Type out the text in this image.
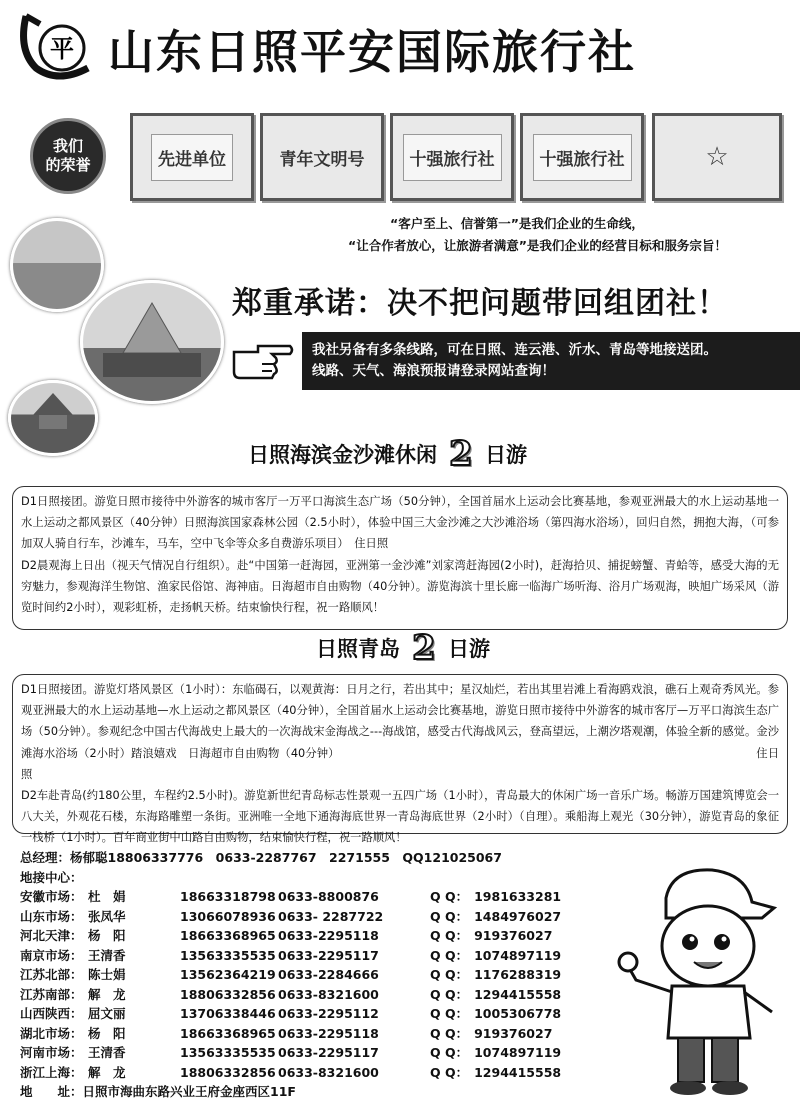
平 山东日照平安国际旅行社
我们
的荣誉	先进单位	青年文明号	十强旅行社	十强旅行社	☆
“客户至上、信誉第一”是我们企业的生命线，
“让合作者放心，让旅游者满意”是我们企业的经营目标和服务宗旨！
郑重承诺：决不把问题带回组团社！
我社另备有多条线路，可在日照、连云港、沂水、青岛等地接送团。
线路、天气、海浪预报请登录网站查询！
日照海滨金沙滩休闲 2 日游

D1日照接团。游览日照市接待中外游客的城市客厅一万平口海滨生态广场（50分钟），全国首届水上运动会比赛基地，参观亚洲最大的水上运动基地一水上运动之都风景区（40分钟）日照海滨国家森林公园（2.5小时），体验中国三大金沙滩之大沙滩浴场（第四海水浴场），回归自然，拥抱大海，（可参加双人骑自行车，沙滩车，马车，空中飞伞等众多自费游乐项目）　住日照

D2晨观海上日出（视天气情况自行组织）。赴“中国第一赶海园，亚洲第一金沙滩”刘家湾赶海园(2小时)，赶海拾贝、捕捉螃蟹、青蛤等，感受大海的无穷魅力，参观海洋生物馆、渔家民俗馆、海神庙。日海超市自由购物（40分钟）。游览海滨十里长廊一临海广场听海、浴月广场观海，映旭广场采风（游览时间约2小时），观彩虹桥，走扬帆天桥。结束愉快行程，祝一路顺风！

日照青岛 2 日游

D1日照接团。游览灯塔风景区（1小时）：东临碣石，以观黄海：日月之行，若出其中；星汉灿烂，若出其里岩滩上看海鸥戏浪，礁石上观奇秀风光。参观亚洲最大的水上运动基地—水上运动之都风景区（40分钟），全国首届水上运动会比赛基地，游览日照市接待中外游客的城市客厅—万平口海滨生态广场（50分钟）。参观纪念中国古代海战史上最大的一次海战宋金海战之---海战馆，感受古代海战风云，登高望远，上潮汐塔观潮，体验全新的感觉。金沙滩海水浴场（2小时）踏浪嬉戏　日海超市自由购物（40分钟）　　　　　　　　　　　　　　　　　　　　　　　　　　　　　　　　　　　　　住日照

D2车赴青岛(约180公里，车程约2.5小时)。游览新世纪青岛标志性景观一五四广场（1小时），青岛最大的休闲广场一音乐广场。畅游万国建筑博览会一八大关，外观花石楼，东海路雕塑一条街。亚洲唯一全地下通海海底世界一青岛海底世界（2小时）（自理）。乘船海上观光（30分钟），游览青岛的象征一栈桥（1小时）。百年商业街中山路自由购物，结束愉快行程，祝一路顺风！

总经理：杨郁聪18806337776　0633-2287767　2271555　QQ121025067
地接中心：
安徽市场： 杜　娟	18663318798 0633-8800876	Q Q： 1981633281
山东市场： 张凤华	13066078936 0633- 2287722	Q Q： 1484976027
河北天津： 杨　阳	18663368965 0633-2295118	Q Q： 919376027
南京市场： 王清香	13563335535 0633-2295117	Q Q： 1074897119
江苏北部： 陈士娟	13562364219 0633-2284666	Q Q： 1176288319
江苏南部： 解　龙	18806332856 0633-8321600	Q Q： 1294415558
山西陕西： 屈文丽	13706338446 0633-2295112	Q Q： 1005306778
湖北市场： 杨　阳	18663368965 0633-2295118	Q Q： 919376027
河南市场： 王清香	13563335535 0633-2295117	Q Q： 1074897119
浙江上海： 解　龙	18806332856 0633-8321600	Q Q： 1294415558
地　　址：日照市海曲东路兴业王府金座西区11F
